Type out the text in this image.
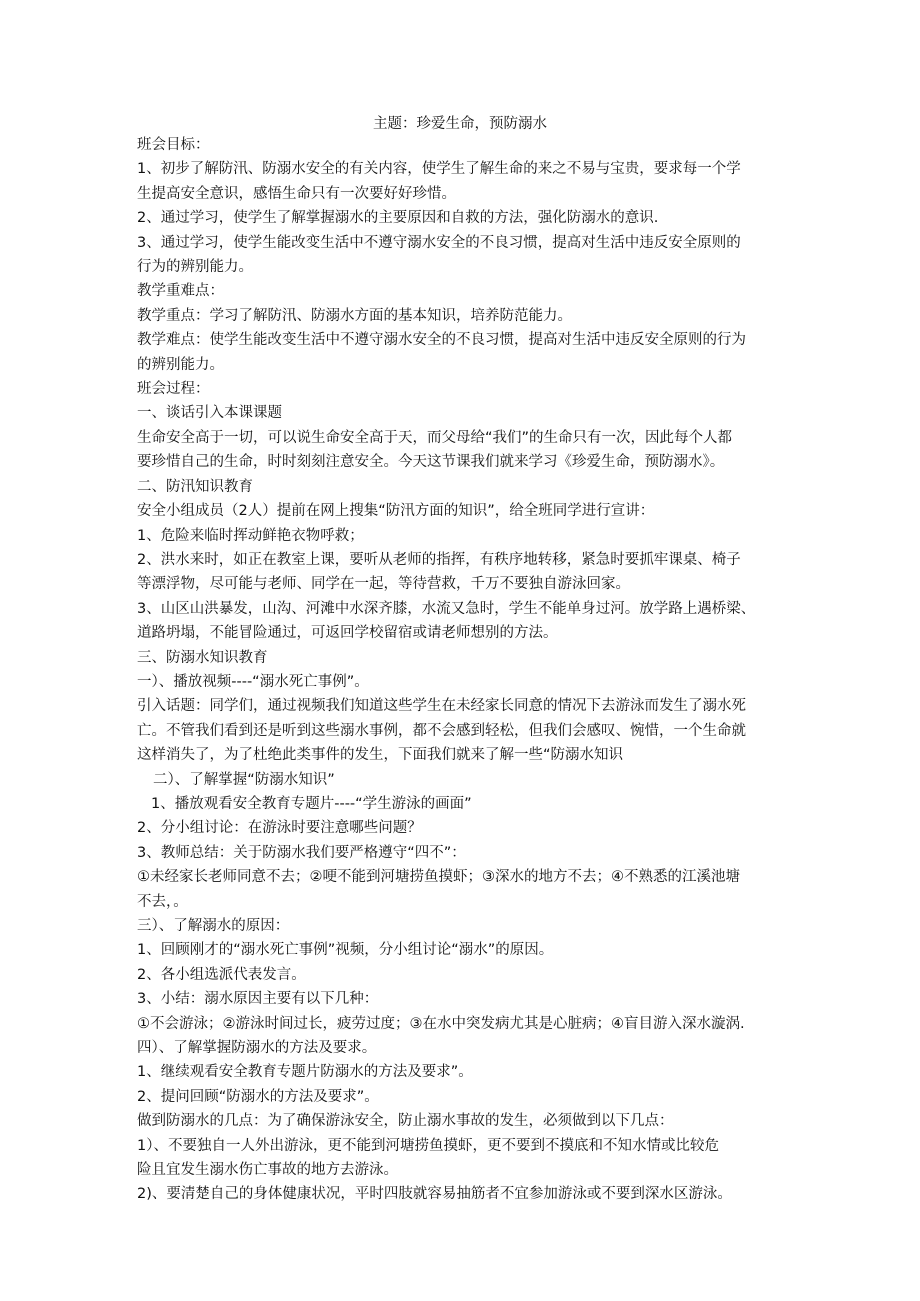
主题：珍爱生命，预防溺水

班会目标：

1、初步了解防汛、防溺水安全的有关内容，使学生了解生命的来之不易与宝贵，要求每一个学

生提高安全意识，感悟生命只有一次要好好珍惜。

2、通过学习，使学生了解掌握溺水的主要原因和自救的方法，强化防溺水的意识.

3、通过学习，使学生能改变生活中不遵守溺水安全的不良习惯，提高对生活中违反安全原则的

行为的辨别能力。

教学重难点：

教学重点：学习了解防汛、防溺水方面的基本知识，培养防范能力。

教学难点：使学生能改变生活中不遵守溺水安全的不良习惯，提高对生活中违反安全原则的行为

的辨别能力。

班会过程：

一、谈话引入本课课题

生命安全高于一切，可以说生命安全高于天，而父母给“我们”的生命只有一次，因此每个人都

要珍惜自己的生命，时时刻刻注意安全。今天这节课我们就来学习《珍爱生命，预防溺水》。

二、防汛知识教育

安全小组成员（2人）提前在网上搜集“防汛方面的知识”，给全班同学进行宣讲：

1、危险来临时挥动鲜艳衣物呼救；

2、洪水来时，如正在教室上课，要听从老师的指挥，有秩序地转移，紧急时要抓牢课桌、椅子

等漂浮物，尽可能与老师、同学在一起，等待营救，千万不要独自游泳回家。

3、山区山洪暴发，山沟、河滩中水深齐膝，水流又急时，学生不能单身过河。放学路上遇桥梁、

道路坍塌，不能冒险通过，可返回学校留宿或请老师想别的方法。

三、防溺水知识教育

一）、播放视频----“溺水死亡事例”。

引入话题：同学们，通过视频我们知道这些学生在未经家长同意的情况下去游泳而发生了溺水死

亡。不管我们看到还是听到这些溺水事例，都不会感到轻松，但我们会感叹、惋惜，一个生命就

这样消失了，为了杜绝此类事件的发生，下面我们就来了解一些“防溺水知识

二）、了解掌握“防溺水知识”

1、播放观看安全教育专题片----“学生游泳的画面”

2、分小组讨论：在游泳时要注意哪些问题？

3、教师总结：关于防溺水我们要严格遵守“四不”：

①未经家长老师同意不去；②哽不能到河塘捞鱼摸虾；③深水的地方不去；④不熟悉的江溪池塘

不去，。

三）、了解溺水的原因：

1、回顾刚才的“溺水死亡事例”视频，分小组讨论“溺水”的原因。

2、各小组选派代表发言。

3、小结：溺水原因主要有以下几种：

①不会游泳；②游泳时间过长，疲劳过度；③在水中突发病尤其是心脏病；④盲目游入深水漩涡.

四）、了解掌握防溺水的方法及要求。

1、继续观看安全教育专题片防溺水的方法及要求”。

2、提问回顾“防溺水的方法及要求”。

做到防溺水的几点：为了确保游泳安全，防止溺水事故的发生，必须做到以下几点：

1）、不要独自一人外出游泳，更不能到河塘捞鱼摸虾，更不要到不摸底和不知水情或比较危

险且宜发生溺水伤亡事故的地方去游泳。

2)、要清楚自己的身体健康状况，平时四肢就容易抽筋者不宜参加游泳或不要到深水区游泳。
